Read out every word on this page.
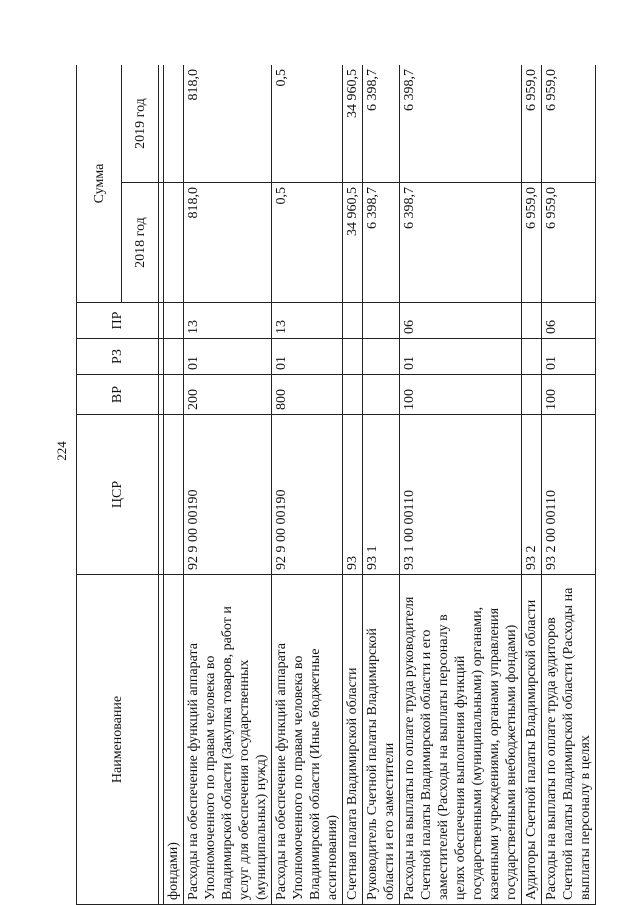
224
Наименование	ЦСР	ВР	РЗ	ПР	Сумма	
					2018 год	2019 год

фондами)						
Расходы на обеспечение функций аппарата Уполномоченного по правам человека во Владимирской области (Закупка товаров, работ и услуг для обеспечения государственных (муниципальных) нужд)	92 9 00 00190	200	01	13	818,0	818,0
Расходы на обеспечение функций аппарата Уполномоченного по правам человека во Владимирской области (Иные бюджетные ассигнования)	92 9 00 00190	800	01	13	0,5	0,5
Счетная палата Владимирской области	93				34 960,5	34 960,5
Руководитель Счетной палаты Владимирской области и его заместители	93 1				6 398,7	6 398,7
Расходы на выплаты по оплате труда руководителя Счетной палаты Владимирской области и его заместителей (Расходы на выплаты персоналу в целях обеспечения выполнения функций государственными (муниципальными) органами, казенными учреждениями, органами управления государственными внебюджетными фондами)	93 1 00 00110	100	01	06	6 398,7	6 398,7
Аудиторы Счетной палаты Владимирской области	93 2				6 959,0	6 959,0
Расходы на выплаты по оплате труда аудиторов Счетной палаты Владимирской области (Расходы на выплаты персоналу в целях	93 2 00 00110	100	01	06	6 959,0	6 959,0
